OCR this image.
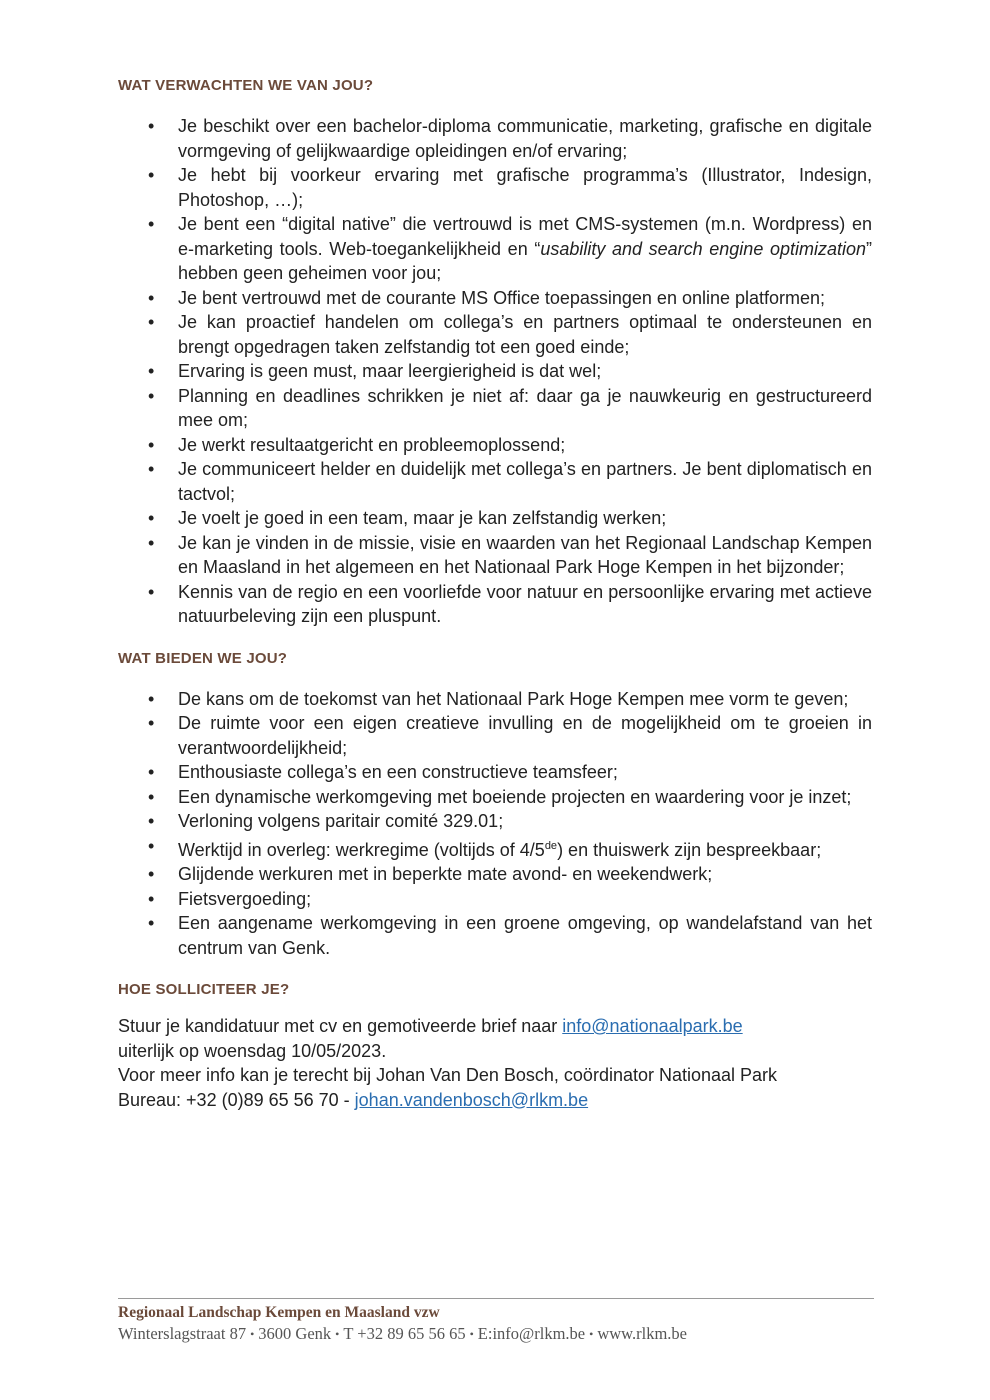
WAT VERWACHTEN WE VAN JOU?
• Je beschikt over een bachelor-diploma communicatie, marketing, grafische en digitale vormgeving of gelijkwaardige opleidingen en/of ervaring;
• Je hebt bij voorkeur ervaring met grafische programma’s (Illustrator, Indesign, Photoshop, …);
• Je bent een “digital native” die vertrouwd is met CMS-systemen (m.n. Wordpress) en e-marketing tools. Web-toegankelijkheid en “usability and search engine optimization” hebben geen geheimen voor jou;
• Je bent vertrouwd met de courante MS Office toepassingen en online platformen;
• Je kan proactief handelen om collega’s en partners optimaal te ondersteunen en brengt opgedragen taken zelfstandig tot een goed einde;
• Ervaring is geen must, maar leergierigheid is dat wel;
• Planning en deadlines schrikken je niet af: daar ga je nauwkeurig en gestructureerd mee om;
• Je werkt resultaatgericht en probleemoplossend;
• Je communiceert helder en duidelijk met collega’s en partners. Je bent diplomatisch en tactvol;
• Je voelt je goed in een team, maar je kan zelfstandig werken;
• Je kan je vinden in de missie, visie en waarden van het Regionaal Landschap Kempen en Maasland in het algemeen en het Nationaal Park Hoge Kempen in het bijzonder;
• Kennis van de regio en een voorliefde voor natuur en persoonlijke ervaring met actieve natuurbeleving zijn een pluspunt.
WAT BIEDEN WE JOU?
• De kans om de toekomst van het Nationaal Park Hoge Kempen mee vorm te geven;
• De ruimte voor een eigen creatieve invulling en de mogelijkheid om te groeien in verantwoordelijkheid;
• Enthousiaste collega’s en een constructieve teamsfeer;
• Een dynamische werkomgeving met boeiende projecten en waardering voor je inzet;
• Verloning volgens paritair comité 329.01;
• Werktijd in overleg: werkregime (voltijds of 4/5de) en thuiswerk zijn bespreekbaar;
• Glijdende werkuren met in beperkte mate avond- en weekendwerk;
• Fietsvergoeding;
• Een aangename werkomgeving in een groene omgeving, op wandelafstand van het centrum van Genk.
HOE SOLLICITEER JE?

Stuur je kandidatuur met cv en gemotiveerde brief naar info@nationaalpark.be

uiterlijk op woensdag 10/05/2023.

Voor meer info kan je terecht bij Johan Van Den Bosch, coördinator Nationaal Park Bureau: +32 (0)89 65 56 70 - johan.vandenbosch@rlkm.be

Regionaal Landschap Kempen en Maasland vzw
Winterslagstraat 87 • 3600 Genk • T +32 89 65 56 65 • E:info@rlkm.be • www.rlkm.be
